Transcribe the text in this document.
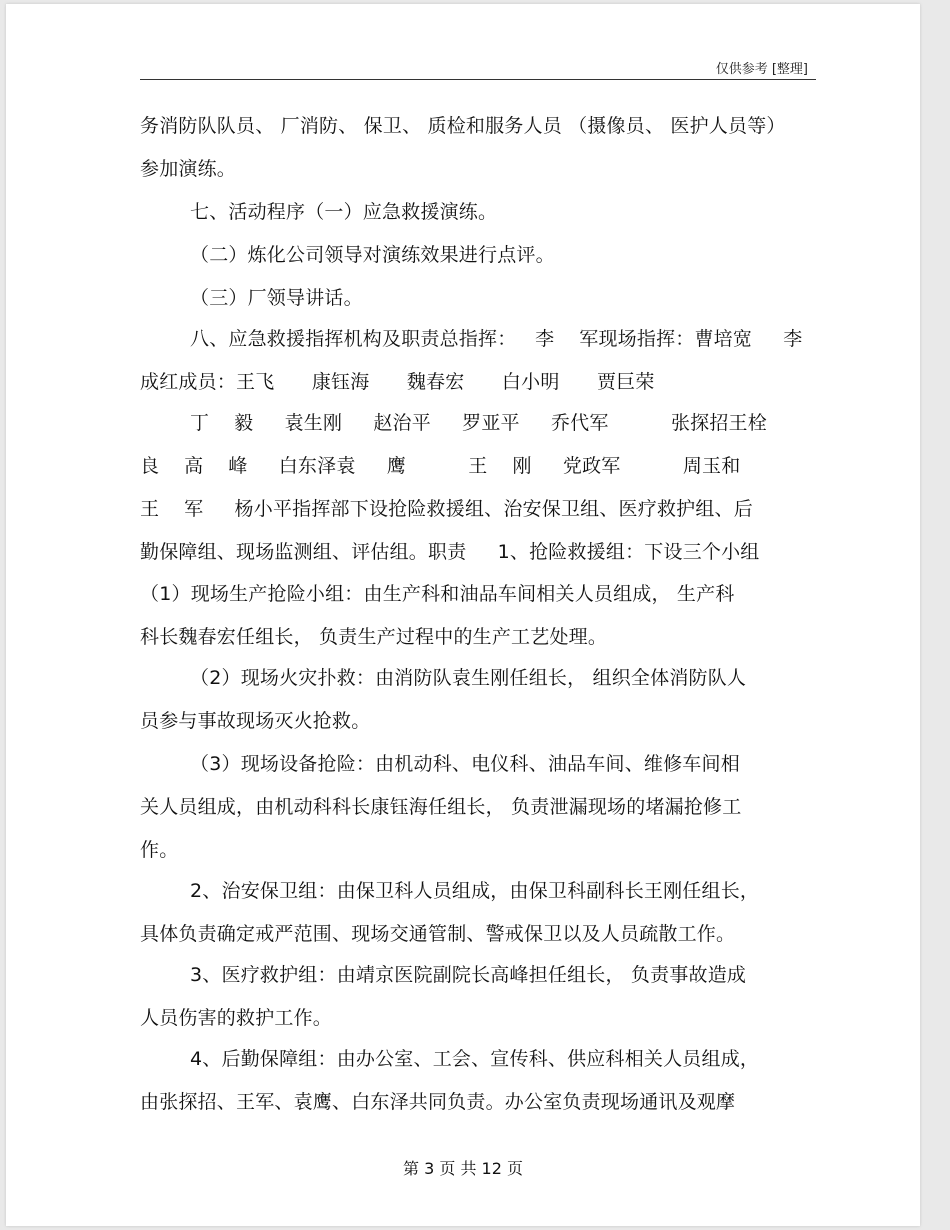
仅供参考 [整理]
务消防队队员、 厂消防、 保卫、 质检和服务人员 （摄像员、 医护人员等）
参加演练。
七、活动程序（一）应急救援演练。
（二）炼化公司领导对演练效果进行点评。
（三）厂领导讲话。
八、应急救援指挥机构及职责总指挥：   李    军现场指挥：曹培宽     李
成红成员：王飞      康钰海      魏春宏      白小明      贾巨荣
丁    毅     袁生刚     赵治平     罗亚平     乔代军          张探招王栓
良    高    峰     白东泽袁     鹰          王    刚     党政军          周玉和
王    军     杨小平指挥部下设抢险救援组、治安保卫组、医疗救护组、后
勤保障组、现场监测组、评估组。职责     1、抢险救援组：下设三个小组
（1）现场生产抢险小组：由生产科和油品车间相关人员组成， 生产科
科长魏春宏任组长， 负责生产过程中的生产工艺处理。
（2）现场火灾扑救：由消防队袁生刚任组长， 组织全体消防队人
员参与事故现场灭火抢救。
（3）现场设备抢险：由机动科、电仪科、油品车间、维修车间相
关人员组成，由机动科科长康钰海任组长， 负责泄漏现场的堵漏抢修工
作。
2、治安保卫组：由保卫科人员组成，由保卫科副科长王刚任组长，
具体负责确定戒严范围、现场交通管制、警戒保卫以及人员疏散工作。
3、医疗救护组：由靖京医院副院长高峰担任组长， 负责事故造成
人员伤害的救护工作。
4、后勤保障组：由办公室、工会、宣传科、供应科相关人员组成，
由张探招、王军、袁鹰、白东泽共同负责。办公室负责现场通讯及观摩
第 3 页 共 12 页
